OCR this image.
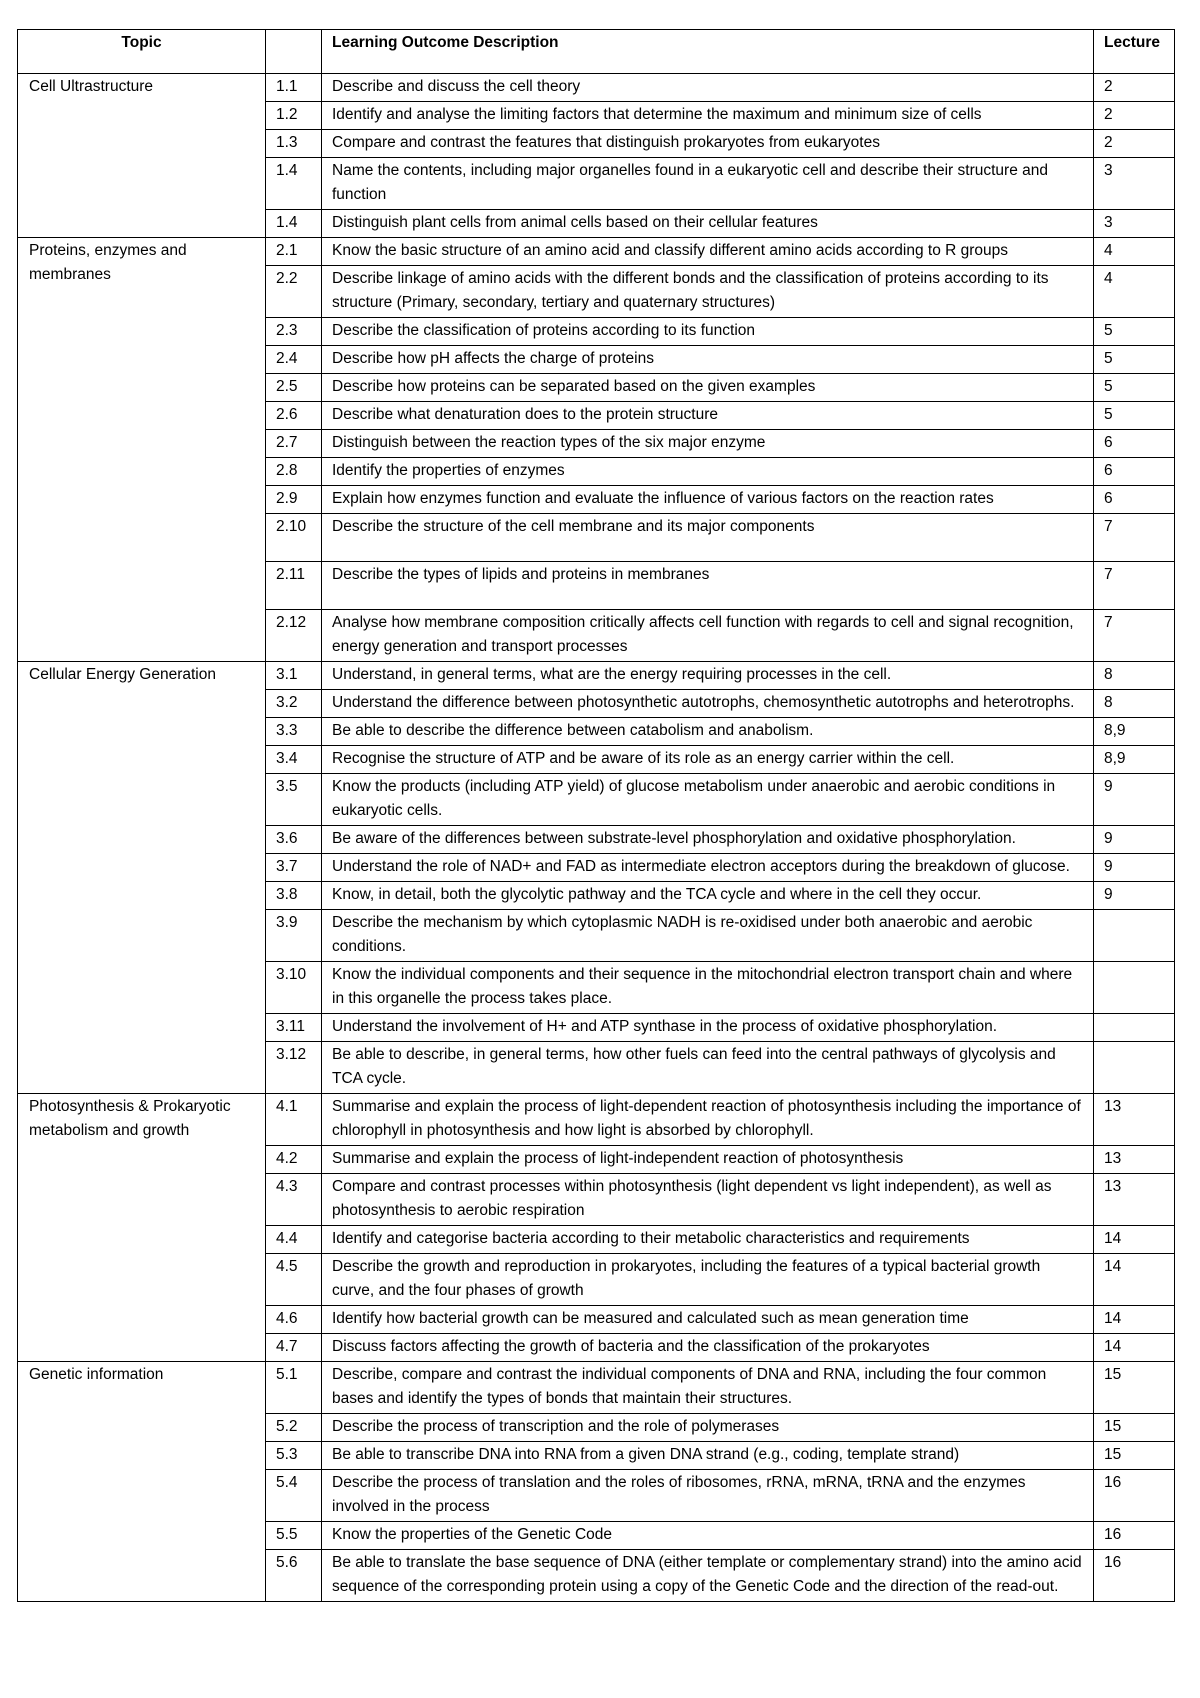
Topic		Learning Outcome Description	Lecture
Cell Ultrastructure	1.1	Describe and discuss the cell theory	2
	1.2	Identify and analyse the limiting factors that determine the maximum and minimum size of cells	2
	1.3	Compare and contrast the features that distinguish prokaryotes from eukaryotes	2
	1.4	Name the contents, including major organelles found in a eukaryotic cell and describe their structure and function	3
	1.4	Distinguish plant cells from animal cells based on their cellular features	3
Proteins, enzymes and membranes	2.1	Know the basic structure of an amino acid and classify different amino acids according to R groups	4
	2.2	Describe linkage of amino acids with the different bonds and the classification of proteins according to its structure (Primary, secondary, tertiary and quaternary structures)	4
	2.3	Describe the classification of proteins according to its function	5
	2.4	Describe how pH affects the charge of proteins	5
	2.5	Describe how proteins can be separated based on the given examples	5
	2.6	Describe what denaturation does to the protein structure	5
	2.7	Distinguish between the reaction types of the six major enzyme	6
	2.8	Identify the properties of enzymes	6
	2.9	Explain how enzymes function and evaluate the influence of various factors on the reaction rates	6
	2.10	Describe the structure of the cell membrane and its major components	7
	2.11	Describe the types of lipids and proteins in membranes	7
	2.12	Analyse how membrane composition critically affects cell function with regards to cell and signal recognition, energy generation and transport processes	7
Cellular Energy Generation	3.1	Understand, in general terms, what are the energy requiring processes in the cell.	8
	3.2	Understand the difference between photosynthetic autotrophs, chemosynthetic autotrophs and heterotrophs.	8
	3.3	Be able to describe the difference between catabolism and anabolism.	8,9
	3.4	Recognise the structure of ATP and be aware of its role as an energy carrier within the cell.	8,9
	3.5	Know the products (including ATP yield) of glucose metabolism under anaerobic and aerobic conditions in eukaryotic cells.	9
	3.6	Be aware of the differences between substrate-level phosphorylation and oxidative phosphorylation.	9
	3.7	Understand the role of NAD+ and FAD as intermediate electron acceptors during the breakdown of glucose.	9
	3.8	Know, in detail, both the glycolytic pathway and the TCA cycle and where in the cell they occur.	9
	3.9	Describe the mechanism by which cytoplasmic NADH is re-oxidised under both anaerobic and aerobic conditions.	
	3.10	Know the individual components and their sequence in the mitochondrial electron transport chain and where in this organelle the process takes place.	
	3.11	Understand the involvement of H+ and ATP synthase in the process of oxidative phosphorylation.	
	3.12	Be able to describe, in general terms, how other fuels can feed into the central pathways of glycolysis and TCA cycle.	
Photosynthesis & Prokaryotic metabolism and growth	4.1	Summarise and explain the process of light-dependent reaction of photosynthesis including the importance of chlorophyll in photosynthesis and how light is absorbed by chlorophyll.	13
	4.2	Summarise and explain the process of light-independent reaction of photosynthesis	13
	4.3	Compare and contrast processes within photosynthesis (light dependent vs light independent), as well as photosynthesis to aerobic respiration	13
	4.4	Identify and categorise bacteria according to their metabolic characteristics and requirements	14
	4.5	Describe the growth and reproduction in prokaryotes, including the features of a typical bacterial growth curve, and the four phases of growth	14
	4.6	Identify how bacterial growth can be measured and calculated such as mean generation time	14
	4.7	Discuss factors affecting the growth of bacteria and the classification of the prokaryotes	14
Genetic information	5.1	Describe, compare and contrast the individual components of DNA and RNA, including the four common bases and identify the types of bonds that maintain their structures.	15
	5.2	Describe the process of transcription and the role of polymerases	15
	5.3	Be able to transcribe DNA into RNA from a given DNA strand (e.g., coding, template strand)	15
	5.4	Describe the process of translation and the roles of ribosomes, rRNA, mRNA, tRNA and the enzymes involved in the process	16
	5.5	Know the properties of the Genetic Code	16
	5.6	Be able to translate the base sequence of DNA (either template or complementary strand) into the amino acid sequence of the corresponding protein using a copy of the Genetic Code and the direction of the read-out.	16
